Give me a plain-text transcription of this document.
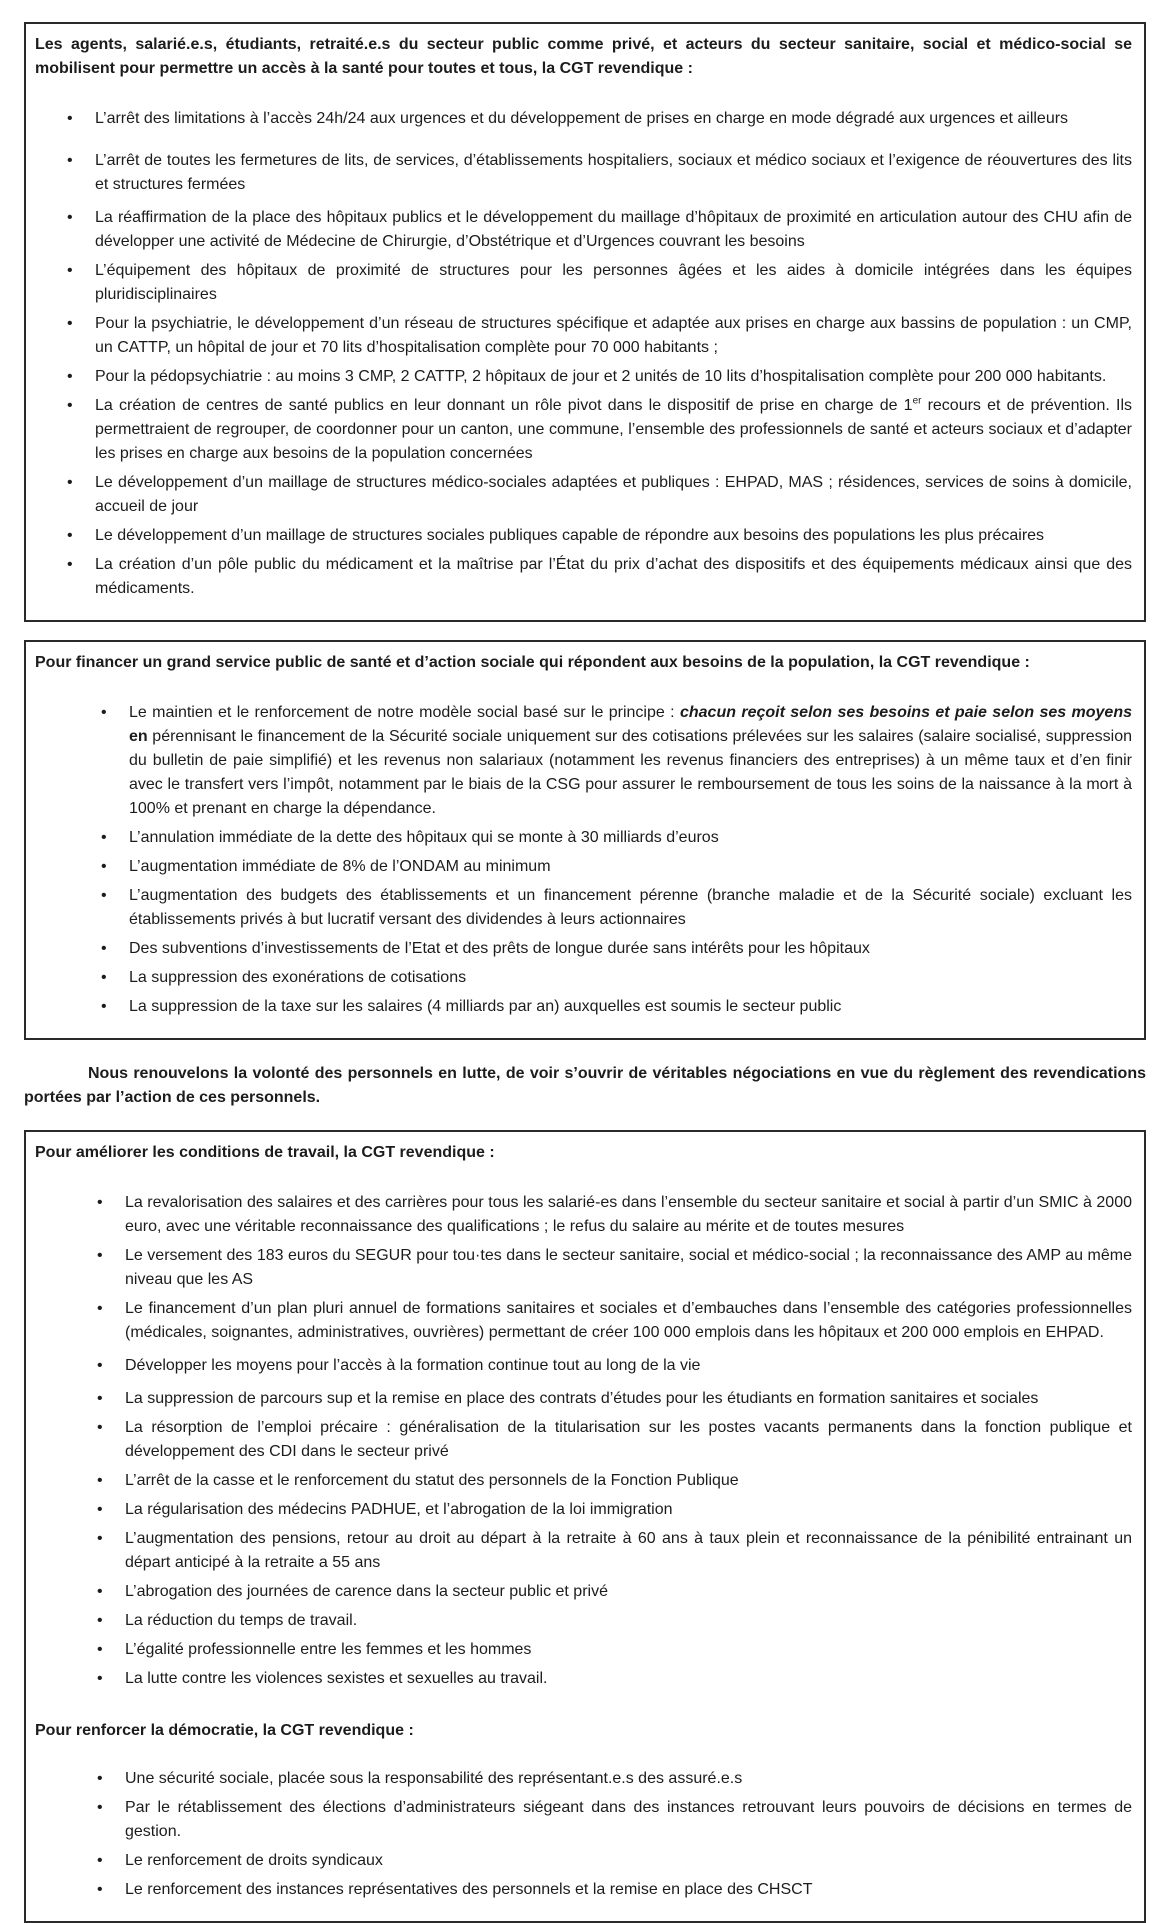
Les agents, salarié.e.s, étudiants, retraité.e.s du secteur public comme privé, et acteurs du secteur sanitaire, social et médico-social se mobilisent pour permettre un accès à la santé pour toutes et tous, la CGT revendique :

• L’arrêt des limitations à l’accès 24h/24 aux urgences et du développement de prises en charge en mode dégradé aux urgences et ailleurs
• L’arrêt de toutes les fermetures de lits, de services, d’établissements hospitaliers, sociaux et médico sociaux et l’exigence de réouvertures des lits et structures fermées
• La réaffirmation de la place des hôpitaux publics et le développement du maillage d’hôpitaux de proximité en articulation autour des CHU afin de développer une activité de Médecine de Chirurgie, d’Obstétrique et d’Urgences couvrant les besoins
• L’équipement des hôpitaux de proximité de structures pour les personnes âgées et les aides à domicile intégrées dans les équipes pluridisciplinaires
• Pour la psychiatrie, le développement d’un réseau de structures spécifique et adaptée aux prises en charge aux bassins de population : un CMP, un CATTP, un hôpital de jour et 70 lits d’hospitalisation complète pour 70 000 habitants ;
• Pour la pédopsychiatrie : au moins 3 CMP, 2 CATTP, 2 hôpitaux de jour et 2 unités de 10 lits d’hospitalisation complète pour 200 000 habitants.
• La création de centres de santé publics en leur donnant un rôle pivot dans le dispositif de prise en charge de 1er recours et de prévention. Ils permettraient de regrouper, de coordonner pour un canton, une commune, l’ensemble des professionnels de santé et acteurs sociaux et d’adapter les prises en charge aux besoins de la population concernées
• Le développement d’un maillage de structures médico-sociales adaptées et publiques : EHPAD, MAS ; résidences, services de soins à domicile, accueil de jour
• Le développement d’un maillage de structures sociales publiques capable de répondre aux besoins des populations les plus précaires
• La création d’un pôle public du médicament et la maîtrise par l’État du prix d’achat des dispositifs et des équipements médicaux ainsi que des médicaments.

Pour financer un grand service public de santé et d’action sociale qui répondent aux besoins de la population, la CGT revendique :

• Le maintien et le renforcement de notre modèle social basé sur le principe : chacun reçoit selon ses besoins et paie selon ses moyens en pérennisant le financement de la Sécurité sociale uniquement sur des cotisations prélevées sur les salaires (salaire socialisé, suppression du bulletin de paie simplifié) et les revenus non salariaux (notamment les revenus financiers des entreprises) à un même taux et d’en finir avec le transfert vers l’impôt, notamment par le biais de la CSG pour assurer le remboursement de tous les soins de la naissance à la mort à 100% et prenant en charge la dépendance.
• L’annulation immédiate de la dette des hôpitaux qui se monte à 30 milliards d’euros
• L’augmentation immédiate de 8% de l’ONDAM au minimum
• L’augmentation des budgets des établissements et un financement pérenne (branche maladie et de la Sécurité sociale) excluant les établissements privés à but lucratif versant des dividendes à leurs actionnaires
• Des subventions d’investissements de l’Etat et des prêts de longue durée sans intérêts pour les hôpitaux
• La suppression des exonérations de cotisations
• La suppression de la taxe sur les salaires (4 milliards par an) auxquelles est soumis le secteur public

Nous renouvelons la volonté des personnels en lutte, de voir s’ouvrir de véritables négociations en vue du règlement des revendications portées par l’action de ces personnels.

Pour améliorer les conditions de travail, la CGT revendique :

• La revalorisation des salaires et des carrières pour tous les salarié-es dans l’ensemble du secteur sanitaire et social à partir d’un SMIC à 2000 euro, avec une véritable reconnaissance des qualifications ; le refus du salaire au mérite et de toutes mesures
• Le versement des 183 euros du SEGUR pour tou·tes dans le secteur sanitaire, social et médico-social ; la reconnaissance des AMP au même niveau que les AS
• Le financement d’un plan pluri annuel de formations sanitaires et sociales et d’embauches dans l’ensemble des catégories professionnelles (médicales, soignantes, administratives, ouvrières) permettant de créer 100 000 emplois dans les hôpitaux et 200 000 emplois en EHPAD.
• Développer les moyens pour l’accès à la formation continue tout au long de la vie
• La suppression de parcours sup et la remise en place des contrats d’études pour les étudiants en formation sanitaires et sociales
• La résorption de l’emploi précaire : généralisation de la titularisation sur les postes vacants permanents dans la fonction publique et développement des CDI dans le secteur privé
• L’arrêt de la casse et le renforcement du statut des personnels de la Fonction Publique
• La régularisation des médecins PADHUE, et l’abrogation de la loi immigration
• L’augmentation des pensions, retour au droit au départ à la retraite à 60 ans à taux plein et reconnaissance de la pénibilité entrainant un départ anticipé à la retraite a 55 ans
• L’abrogation des journées de carence dans la secteur public et privé
• La réduction du temps de travail.
• L’égalité professionnelle entre les femmes et les hommes
• La lutte contre les violences sexistes et sexuelles au travail.

Pour renforcer la démocratie, la CGT revendique :

• Une sécurité sociale, placée sous la responsabilité des représentant.e.s des assuré.e.s
• Par le rétablissement des élections d’administrateurs siégeant dans des instances retrouvant leurs pouvoirs de décisions en termes de gestion.
• Le renforcement de droits syndicaux
• Le renforcement des instances représentatives des personnels et la remise en place des CHSCT
